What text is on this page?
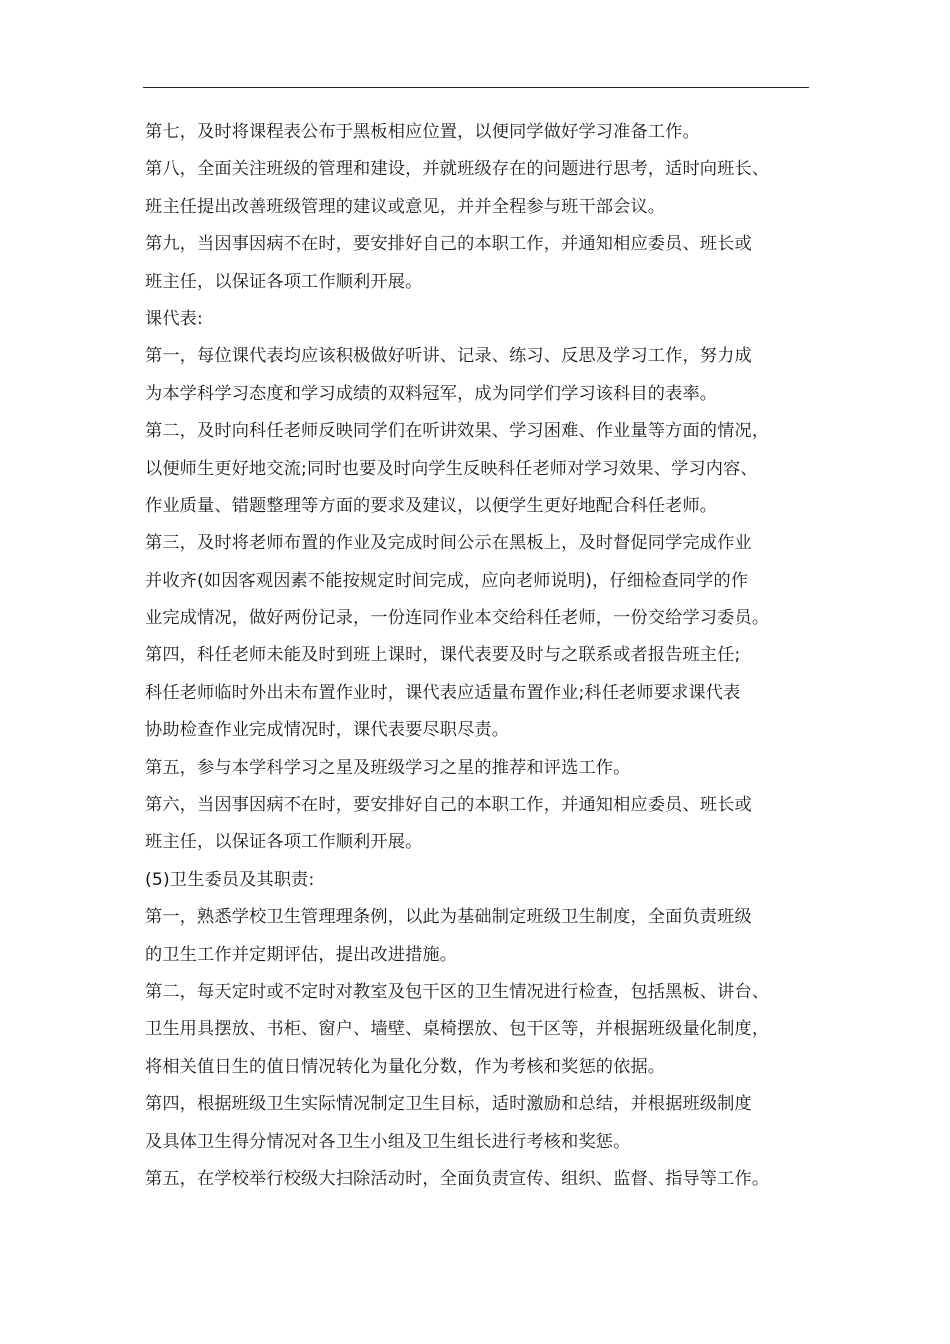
第七，及时将课程表公布于黑板相应位置，以便同学做好学习准备工作。
第八，全面关注班级的管理和建设，并就班级存在的问题进行思考，适时向班长、
班主任提出改善班级管理的建议或意见，并并全程参与班干部会议。
第九，当因事因病不在时，要安排好自己的本职工作，并通知相应委员、班长或
班主任，以保证各项工作顺利开展。
课代表:
第一，每位课代表均应该积极做好听讲、记录、练习、反思及学习工作，努力成
为本学科学习态度和学习成绩的双料冠军，成为同学们学习该科目的表率。
第二，及时向科任老师反映同学们在听讲效果、学习困难、作业量等方面的情况，
以便师生更好地交流;同时也要及时向学生反映科任老师对学习效果、学习内容、
作业质量、错题整理等方面的要求及建议，以便学生更好地配合科任老师。
第三，及时将老师布置的作业及完成时间公示在黑板上，及时督促同学完成作业
并收齐(如因客观因素不能按规定时间完成，应向老师说明)，仔细检查同学的作
业完成情况，做好两份记录，一份连同作业本交给科任老师，一份交给学习委员。
第四，科任老师未能及时到班上课时，课代表要及时与之联系或者报告班主任;
科任老师临时外出未布置作业时，课代表应适量布置作业;科任老师要求课代表
协助检查作业完成情况时，课代表要尽职尽责。
第五，参与本学科学习之星及班级学习之星的推荐和评选工作。
第六，当因事因病不在时，要安排好自己的本职工作，并通知相应委员、班长或
班主任，以保证各项工作顺利开展。
(5)卫生委员及其职责:
第一，熟悉学校卫生管理理条例，以此为基础制定班级卫生制度，全面负责班级
的卫生工作并定期评估，提出改进措施。
第二，每天定时或不定时对教室及包干区的卫生情况进行检查，包括黑板、讲台、
卫生用具摆放、书柜、窗户、墙壁、桌椅摆放、包干区等，并根据班级量化制度，
将相关值日生的值日情况转化为量化分数，作为考核和奖惩的依据。
第四，根据班级卫生实际情况制定卫生目标，适时激励和总结，并根据班级制度
及具体卫生得分情况对各卫生小组及卫生组长进行考核和奖惩。
第五，在学校举行校级大扫除活动时，全面负责宣传、组织、监督、指导等工作。
